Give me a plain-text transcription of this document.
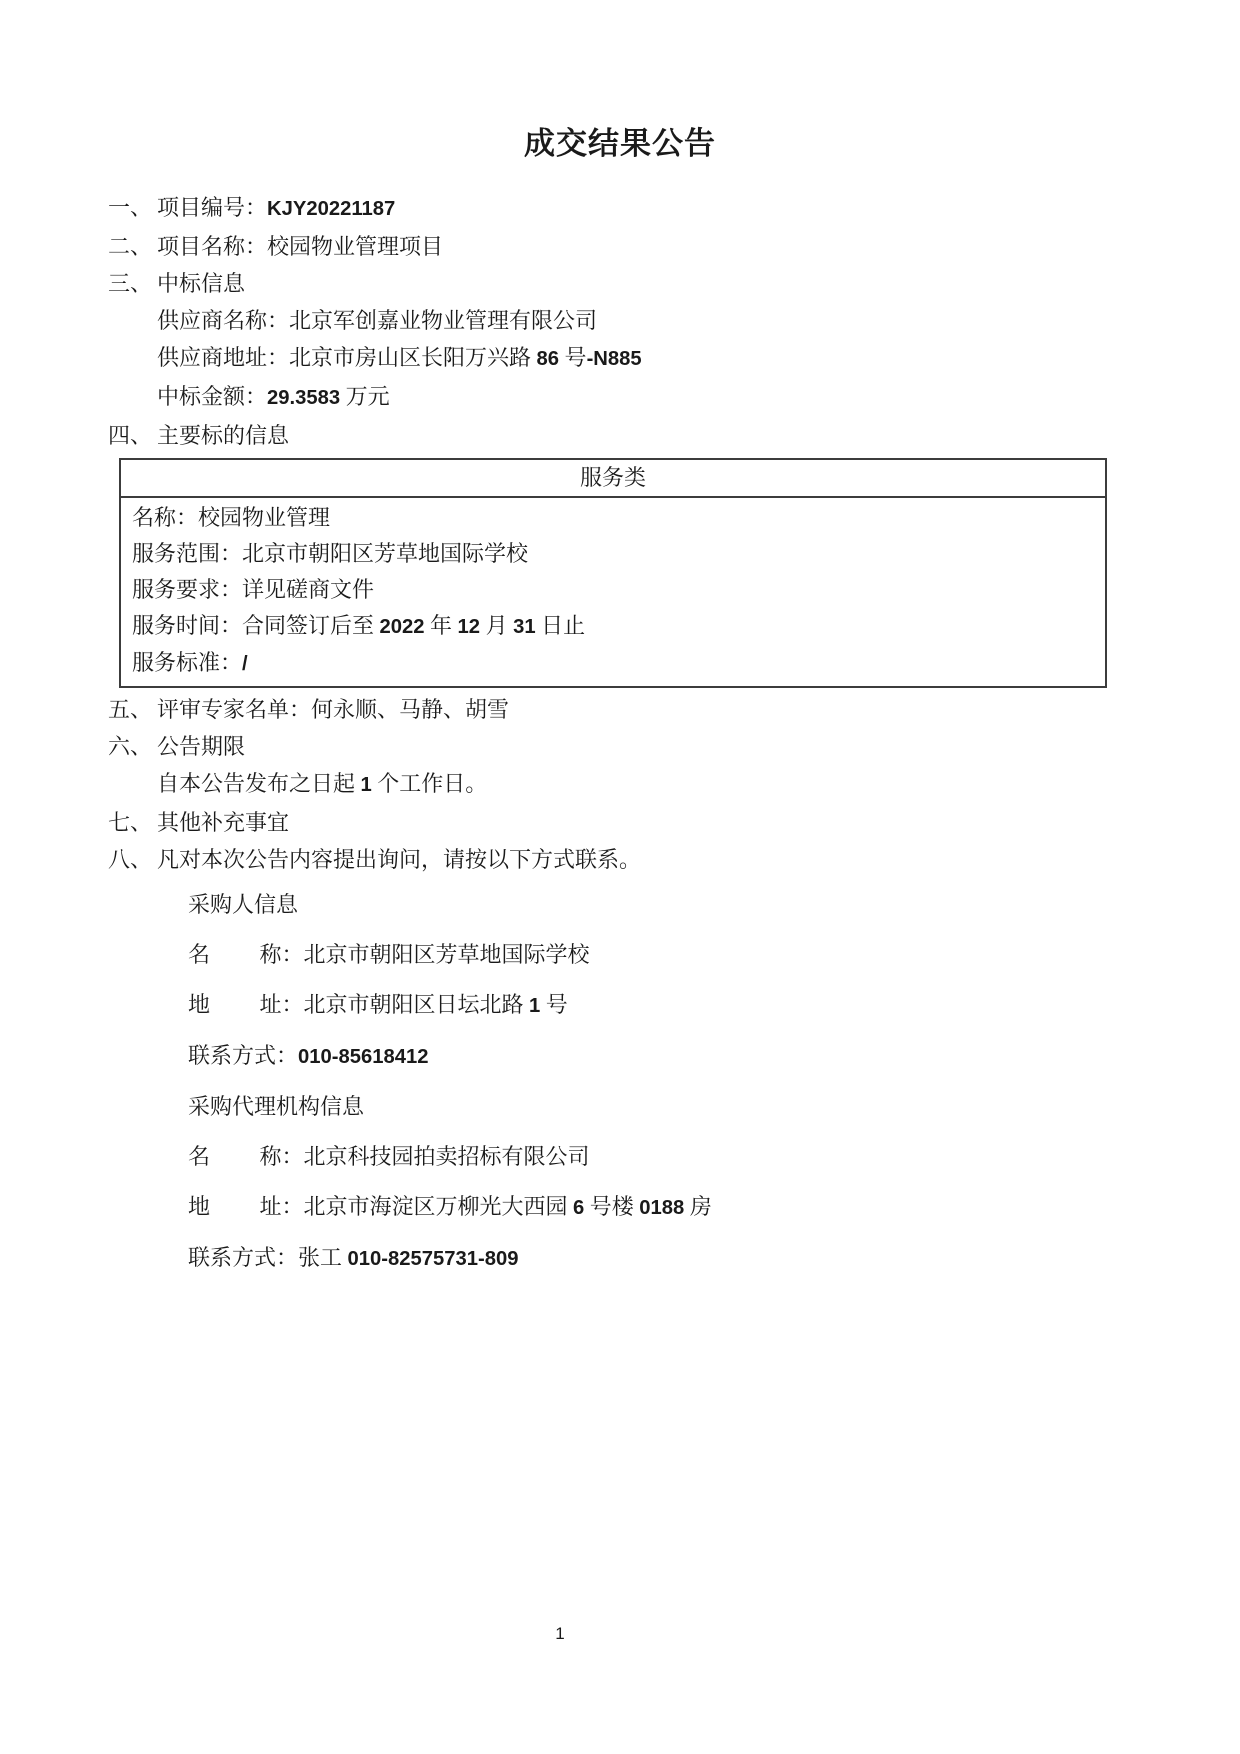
成交结果公告
一、 项目编号：KJY20221187
二、 项目名称：校园物业管理项目
三、 中标信息
供应商名称：北京军创嘉业物业管理有限公司
供应商地址：北京市房山区长阳万兴路 86 号-N885
中标金额：29.3583 万元
四、 主要标的信息
服务类
名称：校园物业管理
服务范围：北京市朝阳区芳草地国际学校
服务要求：详见磋商文件
服务时间：合同签订后至 2022 年 12 月 31 日止
服务标准：/
五、 评审专家名单：何永顺、马静、胡雪
六、 公告期限
自本公告发布之日起 1 个工作日。
七、 其他补充事宜
八、 凡对本次公告内容提出询问，请按以下方式联系。
采购人信息
名　　 称：北京市朝阳区芳草地国际学校
地　　 址：北京市朝阳区日坛北路 1 号
联系方式：010-85618412
采购代理机构信息
名　　 称：北京科技园拍卖招标有限公司
地　　 址：北京市海淀区万柳光大西园 6 号楼 0188 房
联系方式：张工 010-82575731-809
1
